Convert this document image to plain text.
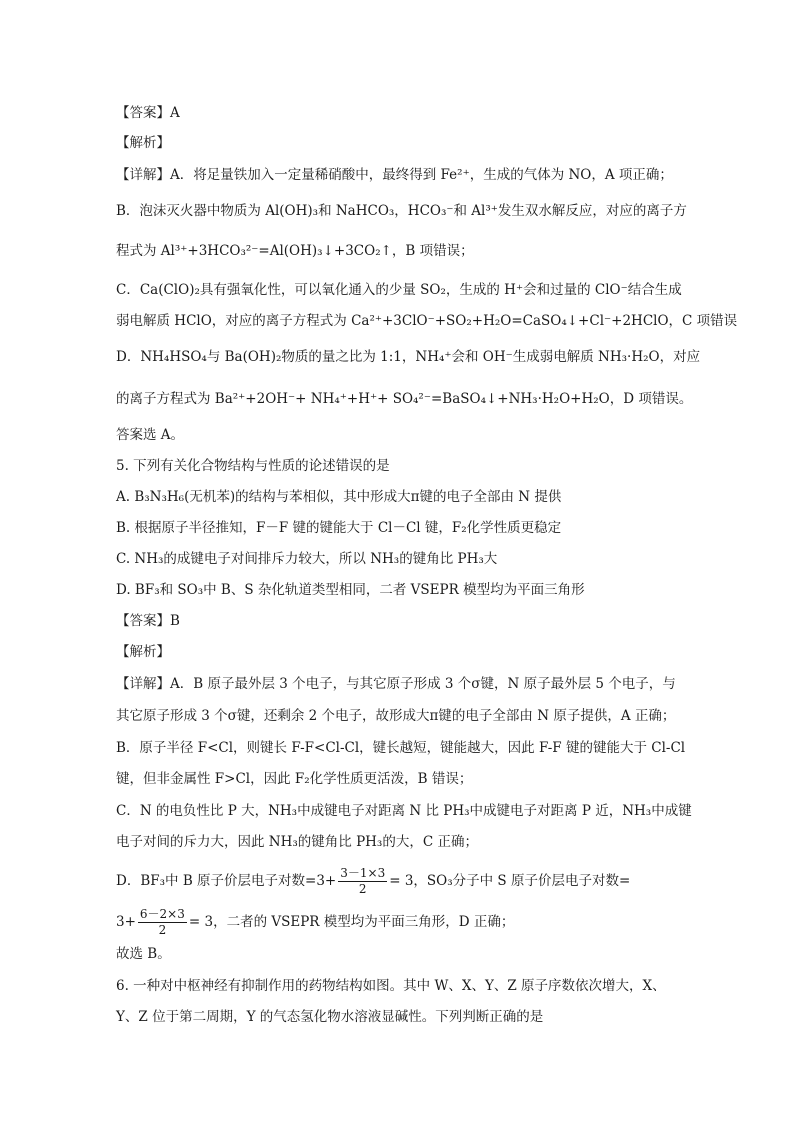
【答案】A
【解析】
【详解】A．将足量铁加入一定量稀硝酸中，最终得到 Fe²⁺，生成的气体为 NO，A 项正确；
B．泡沫灭火器中物质为 Al(OH)₃和 NaHCO₃，HCO₃⁻和 Al³⁺发生双水解反应，对应的离子方
程式为 Al³⁺+3HCO₃²⁻=Al(OH)₃↓+3CO₂↑，B 项错误；
C．Ca(ClO)₂具有强氧化性，可以氧化通入的少量 SO₂，生成的 H⁺会和过量的 ClO⁻结合生成
弱电解质 HClO，对应的离子方程式为 Ca²⁺+3ClO⁻+SO₂+H₂O=CaSO₄↓+Cl⁻+2HClO，C 项错误
D．NH₄HSO₄与 Ba(OH)₂物质的量之比为 1:1，NH₄⁺会和 OH⁻生成弱电解质 NH₃·H₂O，对应
的离子方程式为 Ba²⁺+2OH⁻+ NH₄⁺+H⁺+ SO₄²⁻=BaSO₄↓+NH₃·H₂O+H₂O，D 项错误。
答案选 A。
5. 下列有关化合物结构与性质的论述错误的是
A. B₃N₃H₆(无机苯)的结构与苯相似，其中形成大π键的电子全部由 N 提供
B. 根据原子半径推知，F－F 键的键能大于 Cl－Cl 键，F₂化学性质更稳定
C. NH₃的成键电子对间排斥力较大，所以 NH₃的键角比 PH₃大
D. BF₃和 SO₃中 B、S 杂化轨道类型相同，二者 VSEPR 模型均为平面三角形
【答案】B
【解析】
【详解】A．B 原子最外层 3 个电子，与其它原子形成 3 个σ键，N 原子最外层 5 个电子，与
其它原子形成 3 个σ键，还剩余 2 个电子，故形成大π键的电子全部由 N 原子提供，A 正确；
B．原子半径 F<Cl，则键长 F-F<Cl-Cl，键长越短，键能越大，因此 F-F 键的键能大于 Cl-Cl
键，但非金属性 F>Cl，因此 F₂化学性质更活泼，B 错误；
C．N 的电负性比 P 大，NH₃中成键电子对距离 N 比 PH₃中成键电子对距离 P 近，NH₃中成键
电子对间的斥力大，因此 NH₃的键角比 PH₃的大，C 正确；
D．BF₃中 B 原子价层电子对数$=3+ \frac{3-1\times 3}{2} = 3$，SO₃分子中 S 原子价层电子对数=
$3+ \frac{6-2\times 3}{2} = 3$，二者的 VSEPR 模型均为平面三角形，D 正确；
故选 B。
6. 一种对中枢神经有抑制作用的药物结构如图。其中 W、X、Y、Z 原子序数依次增大，X、
Y、Z 位于第二周期，Y 的气态氢化物水溶液显碱性。下列判断正确的是
